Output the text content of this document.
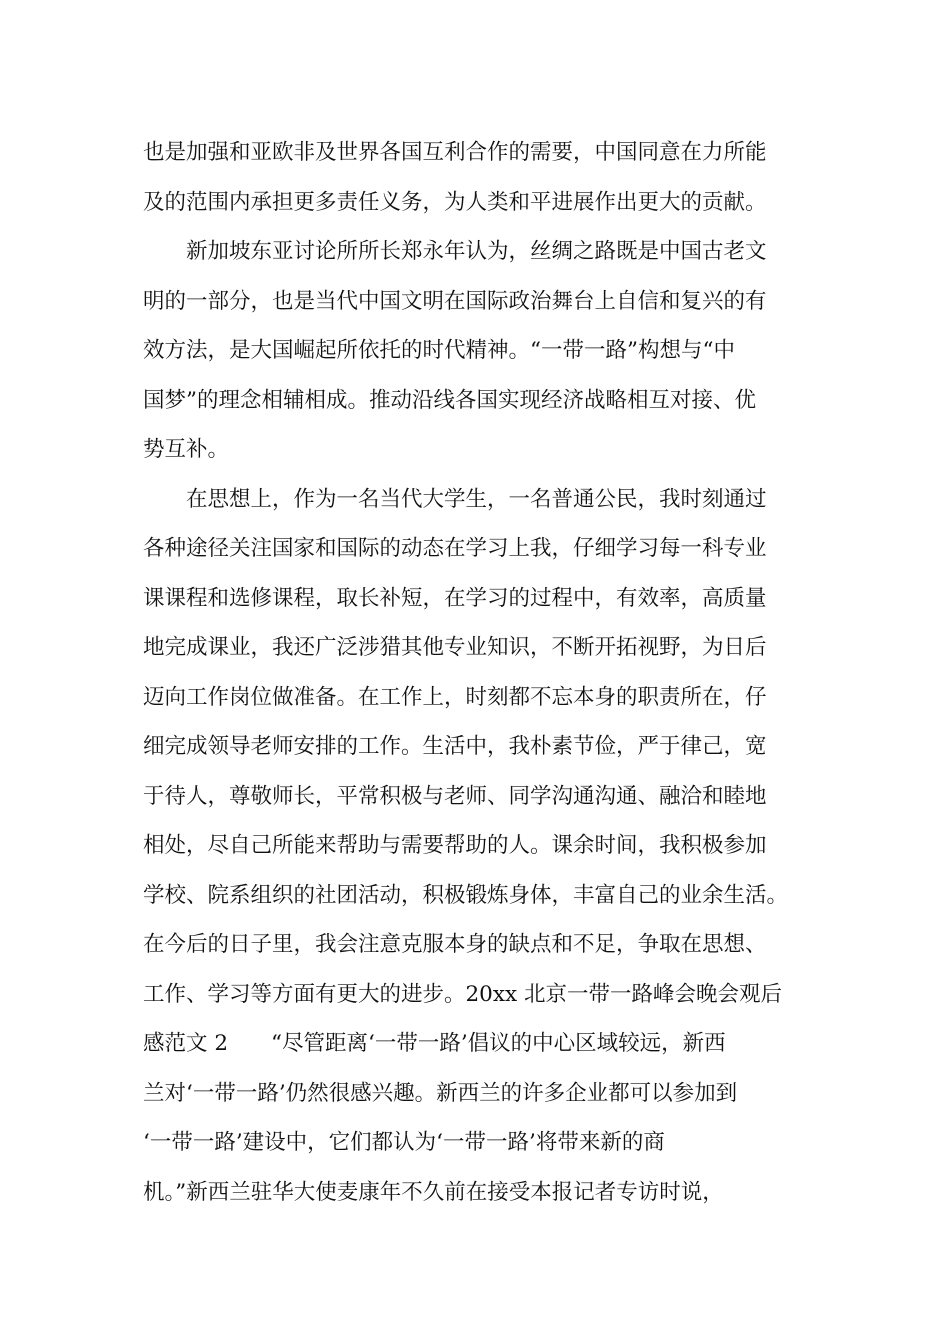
也是加强和亚欧非及世界各国互利合作的需要，中国同意在力所能
及的范围内承担更多责任义务，为人类和平进展作出更大的贡献。
新加坡东亚讨论所所长郑永年认为，丝绸之路既是中国古老文
明的一部分，也是当代中国文明在国际政治舞台上自信和复兴的有
效方法，是大国崛起所依托的时代精神。“一带一路”构想与“中
国梦”的理念相辅相成。推动沿线各国实现经济战略相互对接、优
势互补。
在思想上，作为一名当代大学生，一名普通公民，我时刻通过
各种途径关注国家和国际的动态在学习上我，仔细学习每一科专业
课课程和选修课程，取长补短，在学习的过程中，有效率，高质量
地完成课业，我还广泛涉猎其他专业知识，不断开拓视野，为日后
迈向工作岗位做准备。在工作上，时刻都不忘本身的职责所在，仔
细完成领导老师安排的工作。生活中，我朴素节俭，严于律己，宽
于待人，尊敬师长，平常积极与老师、同学沟通沟通、融洽和睦地
相处，尽自己所能来帮助与需要帮助的人。课余时间，我积极参加
学校、院系组织的社团活动，积极锻炼身体，丰富自己的业余生活。
在今后的日子里，我会注意克服本身的缺点和不足，争取在思想、
工作、学习等方面有更大的进步。20xx 北京一带一路峰会晚会观后
感范文 2　　“尽管距离‘一带一路’倡议的中心区域较远，新西
兰对‘一带一路’仍然很感兴趣。新西兰的许多企业都可以参加到
‘一带一路’建设中，它们都认为‘一带一路’将带来新的商
机。”新西兰驻华大使麦康年不久前在接受本报记者专访时说，
